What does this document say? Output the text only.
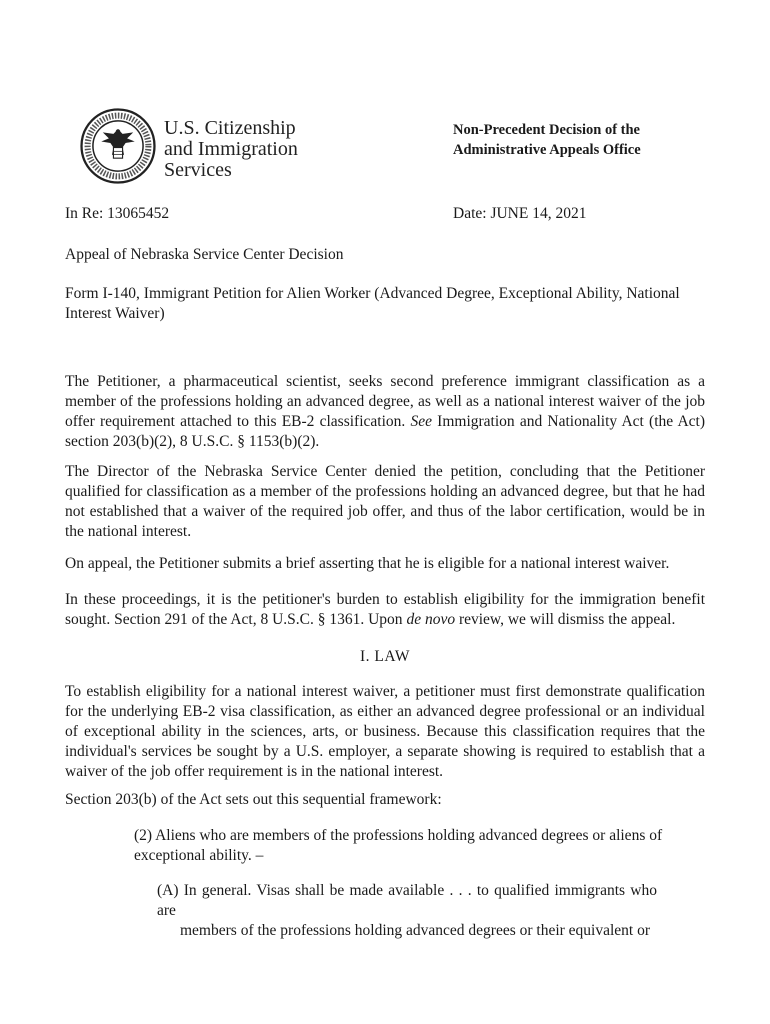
U.S. Citizenship
and Immigration
Services
Non-Precedent Decision of the
Administrative Appeals Office
In Re: 13065452	Date: JUNE 14, 2021
Appeal of Nebraska Service Center Decision
Form I-140, Immigrant Petition for Alien Worker (Advanced Degree, Exceptional Ability, National Interest Waiver)

The Petitioner, a pharmaceutical scientist, seeks second preference immigrant classification as a member of the professions holding an advanced degree, as well as a national interest waiver of the job offer requirement attached to this EB-2 classification. See Immigration and Nationality Act (the Act) section 203(b)(2), 8 U.S.C. § 1153(b)(2).

The Director of the Nebraska Service Center denied the petition, concluding that the Petitioner qualified for classification as a member of the professions holding an advanced degree, but that he had not established that a waiver of the required job offer, and thus of the labor certification, would be in the national interest.

On appeal, the Petitioner submits a brief asserting that he is eligible for a national interest waiver.

In these proceedings, it is the petitioner's burden to establish eligibility for the immigration benefit sought. Section 291 of the Act, 8 U.S.C. § 1361. Upon de novo review, we will dismiss the appeal.

I. LAW

To establish eligibility for a national interest waiver, a petitioner must first demonstrate qualification for the underlying EB-2 visa classification, as either an advanced degree professional or an individual of exceptional ability in the sciences, arts, or business. Because this classification requires that the individual's services be sought by a U.S. employer, a separate showing is required to establish that a waiver of the job offer requirement is in the national interest.

Section 203(b) of the Act sets out this sequential framework:

(2) Aliens who are members of the professions holding advanced degrees or aliens of exceptional ability. –

(A) In general. Visas shall be made available . . . to qualified immigrants who are
members of the professions holding advanced degrees or their equivalent or
